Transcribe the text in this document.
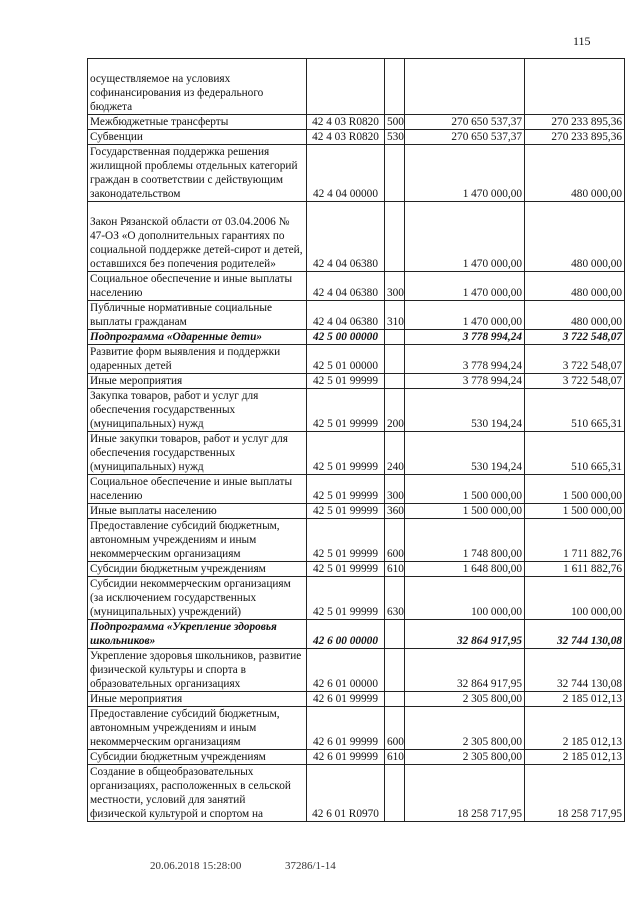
115
осуществляемое на условиях софинансирования из федерального бюджета				
Межбюджетные трансферты	42 4 03 R0820	500	270 650 537,37	270 233 895,36
Субвенции	42 4 03 R0820	530	270 650 537,37	270 233 895,36
Государственная поддержка решения жилищной проблемы отдельных категорий граждан в соответствии с действующим законодательством	42 4 04 00000		1 470 000,00	480 000,00
Закон Рязанской области от 03.04.2006 № 47-ОЗ «О дополнительных гарантиях по социальной поддержке детей-сирот и детей, оставшихся без попечения родителей»	42 4 04 06380		1 470 000,00	480 000,00
Социальное обеспечение и иные выплаты населению	42 4 04 06380	300	1 470 000,00	480 000,00
Публичные нормативные социальные выплаты гражданам	42 4 04 06380	310	1 470 000,00	480 000,00
Подпрограмма «Одаренные дети»	42 5 00 00000		3 778 994,24	3 722 548,07
Развитие форм выявления и поддержки одаренных детей	42 5 01 00000		3 778 994,24	3 722 548,07
Иные мероприятия	42 5 01 99999		3 778 994,24	3 722 548,07
Закупка товаров, работ и услуг для обеспечения государственных (муниципальных) нужд	42 5 01 99999	200	530 194,24	510 665,31
Иные закупки товаров, работ и услуг для обеспечения государственных (муниципальных) нужд	42 5 01 99999	240	530 194,24	510 665,31
Социальное обеспечение и иные выплаты населению	42 5 01 99999	300	1 500 000,00	1 500 000,00
Иные выплаты населению	42 5 01 99999	360	1 500 000,00	1 500 000,00
Предоставление субсидий бюджетным, автономным учреждениям и иным некоммерческим организациям	42 5 01 99999	600	1 748 800,00	1 711 882,76
Субсидии бюджетным учреждениям	42 5 01 99999	610	1 648 800,00	1 611 882,76
Субсидии некоммерческим организациям (за исключением государственных (муниципальных) учреждений)	42 5 01 99999	630	100 000,00	100 000,00
Подпрограмма «Укрепление здоровья школьников»	42 6 00 00000		32 864 917,95	32 744 130,08
Укрепление здоровья школьников, развитие физической культуры и спорта в образовательных организациях	42 6 01 00000		32 864 917,95	32 744 130,08
Иные мероприятия	42 6 01 99999		2 305 800,00	2 185 012,13
Предоставление субсидий бюджетным, автономным учреждениям и иным некоммерческим организациям	42 6 01 99999	600	2 305 800,00	2 185 012,13
Субсидии бюджетным учреждениям	42 6 01 99999	610	2 305 800,00	2 185 012,13
Создание в общеобразовательных организациях, расположенных в сельской местности, условий для занятий физической культурой и спортом на	42 6 01 R0970		18 258 717,95	18 258 717,95
20.06.2018 15:28:00	37286/1-14
